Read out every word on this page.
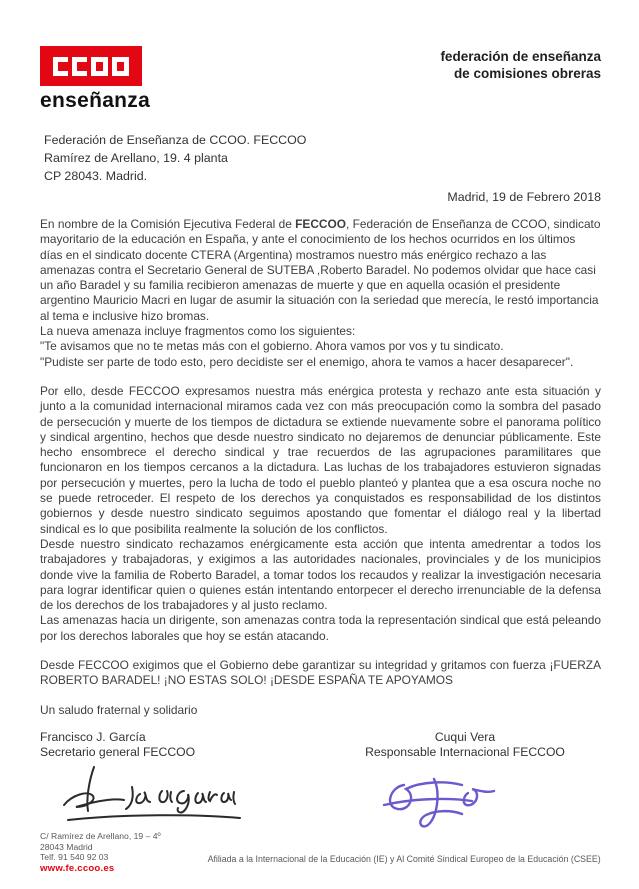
enseñanza
federación de enseñanza
de comisiones obreras
Federación de Enseñanza de CCOO. FECCOO
Ramírez de Arellano, 19. 4 planta
CP 28043. Madrid.
Madrid, 19 de Febrero 2018
En nombre de la Comisión Ejecutiva Federal de FECCOO, Federación de Enseñanza de CCOO, sindicato mayoritario de la educación en España, y ante el conocimiento de los hechos ocurridos en los últimos días en el sindicato docente CTERA (Argentina) mostramos nuestro más enérgico rechazo a las amenazas contra el Secretario General de SUTEBA ,Roberto Baradel. No podemos olvidar que hace casi un año Baradel y su familia recibieron amenazas de muerte y que en aquella ocasión el presidente argentino Mauricio Macri en lugar de asumir la situación con la seriedad que merecía, le restó importancia al tema e inclusive hizo bromas.
La nueva amenaza incluye fragmentos como los siguientes:
"Te avisamos que no te metas más con el gobierno. Ahora vamos por vos y tu sindicato.
"Pudiste ser parte de todo esto, pero decidiste ser el enemigo, ahora te vamos a hacer desaparecer".
Por ello, desde FECCOO expresamos nuestra más enérgica protesta y rechazo ante esta situación y junto a la comunidad internacional miramos cada vez con más preocupación como la sombra del pasado de persecución y muerte de los tiempos de dictadura se extiende nuevamente sobre el panorama político y sindical argentino, hechos que desde nuestro sindicato no dejaremos de denunciar públicamente. Este hecho ensombrece el derecho sindical y trae recuerdos de las agrupaciones paramilitares que funcionaron en los tiempos cercanos a la dictadura. Las luchas de los trabajadores estuvieron signadas por persecución y muertes, pero la lucha de todo el pueblo planteó y plantea que a esa oscura noche no se puede retroceder. El respeto de los derechos ya conquistados es responsabilidad de los distintos gobiernos y desde nuestro sindicato seguimos apostando que fomentar el diálogo real y la libertad sindical es lo que posibilita realmente la solución de los conflictos.
Desde nuestro sindicato rechazamos enérgicamente esta acción que intenta amedrentar a todos los trabajadores y trabajadoras, y exigimos a las autoridades nacionales, provinciales y de los municipios donde vive la familia de Roberto Baradel, a tomar todos los recaudos y realizar la investigación necesaria para lograr identificar quien o quienes están intentando entorpecer el derecho irrenunciable de la defensa de los derechos de los trabajadores y al justo reclamo.
Las amenazas hacia un dirigente, son amenazas contra toda la representación sindical que está peleando por los derechos laborales que hoy se están atacando.
Desde FECCOO exigimos que el Gobierno debe garantizar su integridad y gritamos con fuerza ¡FUERZA ROBERTO BARADEL! ¡NO ESTAS SOLO! ¡DESDE ESPAÑA TE APOYAMOS
Un saludo fraternal y solidario
Francisco J. García
Secretario general FECCOO
Cuqui Vera
Responsable Internacional FECCOO
C/ Ramírez de Arellano, 19 – 4º
28043 Madrid
Telf. 91 540 92 03
www.fe.ccoo.es
Afiliada a la Internacional de la Educación (IE) y Al Comité Sindical Europeo de la Educación (CSEE)
